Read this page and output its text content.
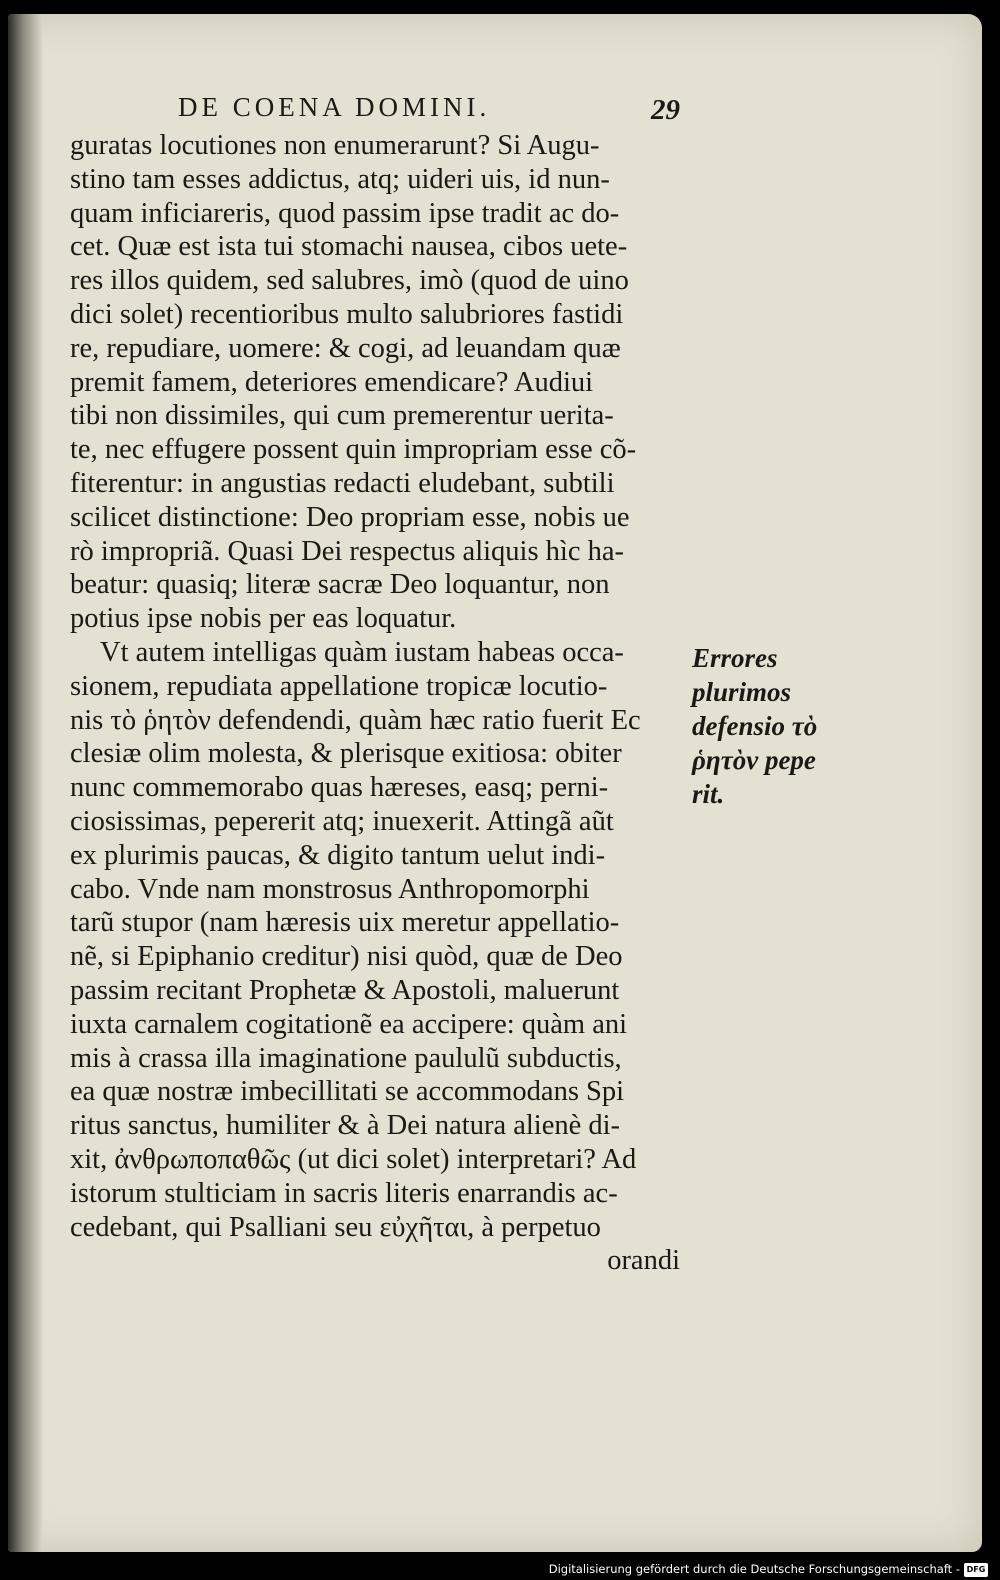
DE COENA DOMINI.	29
guratas locutiones non enumerarunt? Si Augu-
stino tam esses addictus, atq; uideri uis, id nun-
quam inficiareris, quod passim ipse tradit ac do-
cet. Quæ est ista tui stomachi nausea, cibos uete-
res illos quidem, sed salubres, imò (quod de uino
dici solet) recentioribus multo salubriores fastidi
re, repudiare, uomere: & cogi, ad leuandam quæ
premit famem, deteriores emendicare? Audiui
tibi non dissimiles, qui cum premerentur uerita-
te, nec effugere possent quin impropriam esse cõ-
fiterentur: in angustias redacti eludebant, subtili
scilicet distinctione: Deo propriam esse, nobis ue
rò impropriã. Quasi Dei respectus aliquis hìc ha-
beatur: quasiq; literæ sacræ Deo loquantur, non
potius ipse nobis per eas loquatur.
Vt autem intelligas quàm iustam habeas occa-
sionem, repudiata appellatione tropicæ locutio-
nis τὸ ῥητὸν defendendi, quàm hæc ratio fuerit Ec
clesiæ olim molesta, & plerisque exitiosa: obiter
nunc commemorabo quas hæreses, easq; perni-
ciosissimas, pepererit atq; inuexerit. Attingã aũt
ex plurimis paucas, & digito tantum uelut indi-
cabo. Vnde nam monstrosus Anthropomorphi
tarũ stupor (nam hæresis uix meretur appellatio-
nẽ, si Epiphanio creditur) nisi quòd, quæ de Deo
passim recitant Prophetæ & Apostoli, maluerunt
iuxta carnalem cogitationẽ ea accipere: quàm ani
mis à crassa illa imaginatione paululũ subductis,
ea quæ nostræ imbecillitati se accommodans Spi
ritus sanctus, humiliter & à Dei natura alienè di-
xit, ἀνθρωποπαθῶς (ut dici solet) interpretari? Ad
istorum stulticiam in sacris literis enarrandis ac-
cedebant, qui Psalliani seu εὐχῆται, à perpetuo
orandi
Errores
plurimos
defensio τὸ
ῥητὸν pepe
rit.
Digitalisierung gefördert durch die Deutsche Forschungsgemeinschaft - DFG
